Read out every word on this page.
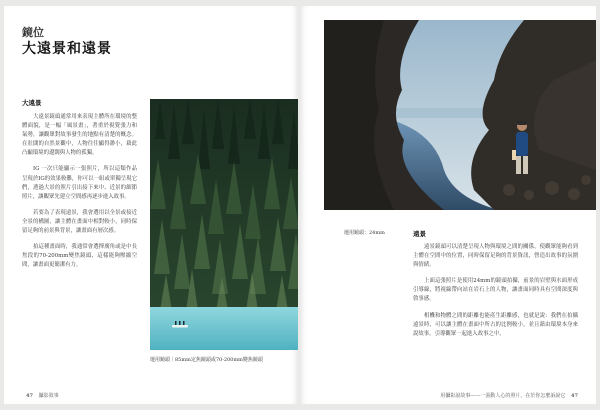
鏡位
大遠景和遠景
大遠景

大遠景鏡頭通常用來表現主體所在環境的整體面貌，是一幅「風景畫」，著重於視覺張力和氣勢，讓觀眾對故事發生的地點有清楚的概念。在壯闊的自然景觀中，人物往往顯得渺小，藉此凸顯環境的遼闊與人物的孤獨。

IG 一次只能顯示一張照片，所以這類作品呈現於IG的效果較難，你可以一組或單獨呈現它們，透過大景的照片引出接下來中、近景的細節照片，讓觀眾先建立空間感再逐步進入故事。

若要為了表現遠景，我會選用以全景或接近全景的構圖，讓主體在畫面中相對較小，同時保留足夠的前景與背景，讓畫面有層次感。

拍這種畫面時，我通常會選擇廣角或是中長焦段的70-200mm變焦鏡頭，這樣能夠壓縮空間，讓畫面更簡潔有力。

運用鏡頭｜85mm定焦鏡頭或70-200mm變焦鏡頭
47 攝影敘事
運用鏡頭：24mm	遠景

遠景鏡頭可以清楚呈現人物與環境之間的關係，使觀眾能夠看到主體在空間中的位置，同時保留足夠的背景資訊，營造出故事的氛圍與情緒。

上面這張照片是使用24mm的鏡頭拍攝，前景的岩壁與水面形成引導線，將視線帶向站在岩石上的人物，讓畫面同時具有空間深度與敘事感。

相機和物體之間的距離也能產生距離感，也就是說：我們在拍攝遠景時，可以讓主體在畫面中所占的比例較小，並且藉由環境本身來說故事，引導觀眾一起進入故事之中。

用攝影說故事——一張動人心的照片，在於你怎麼訴說它 47
